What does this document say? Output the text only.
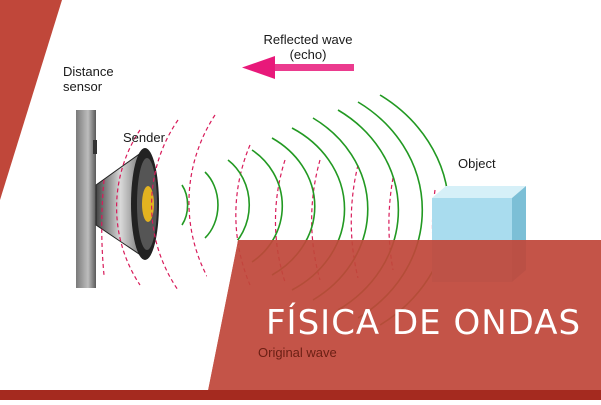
Distance
sensor
Sender
Reflected wave
(echo)
Object
FÍSICA DE ONDAS
Original wave
